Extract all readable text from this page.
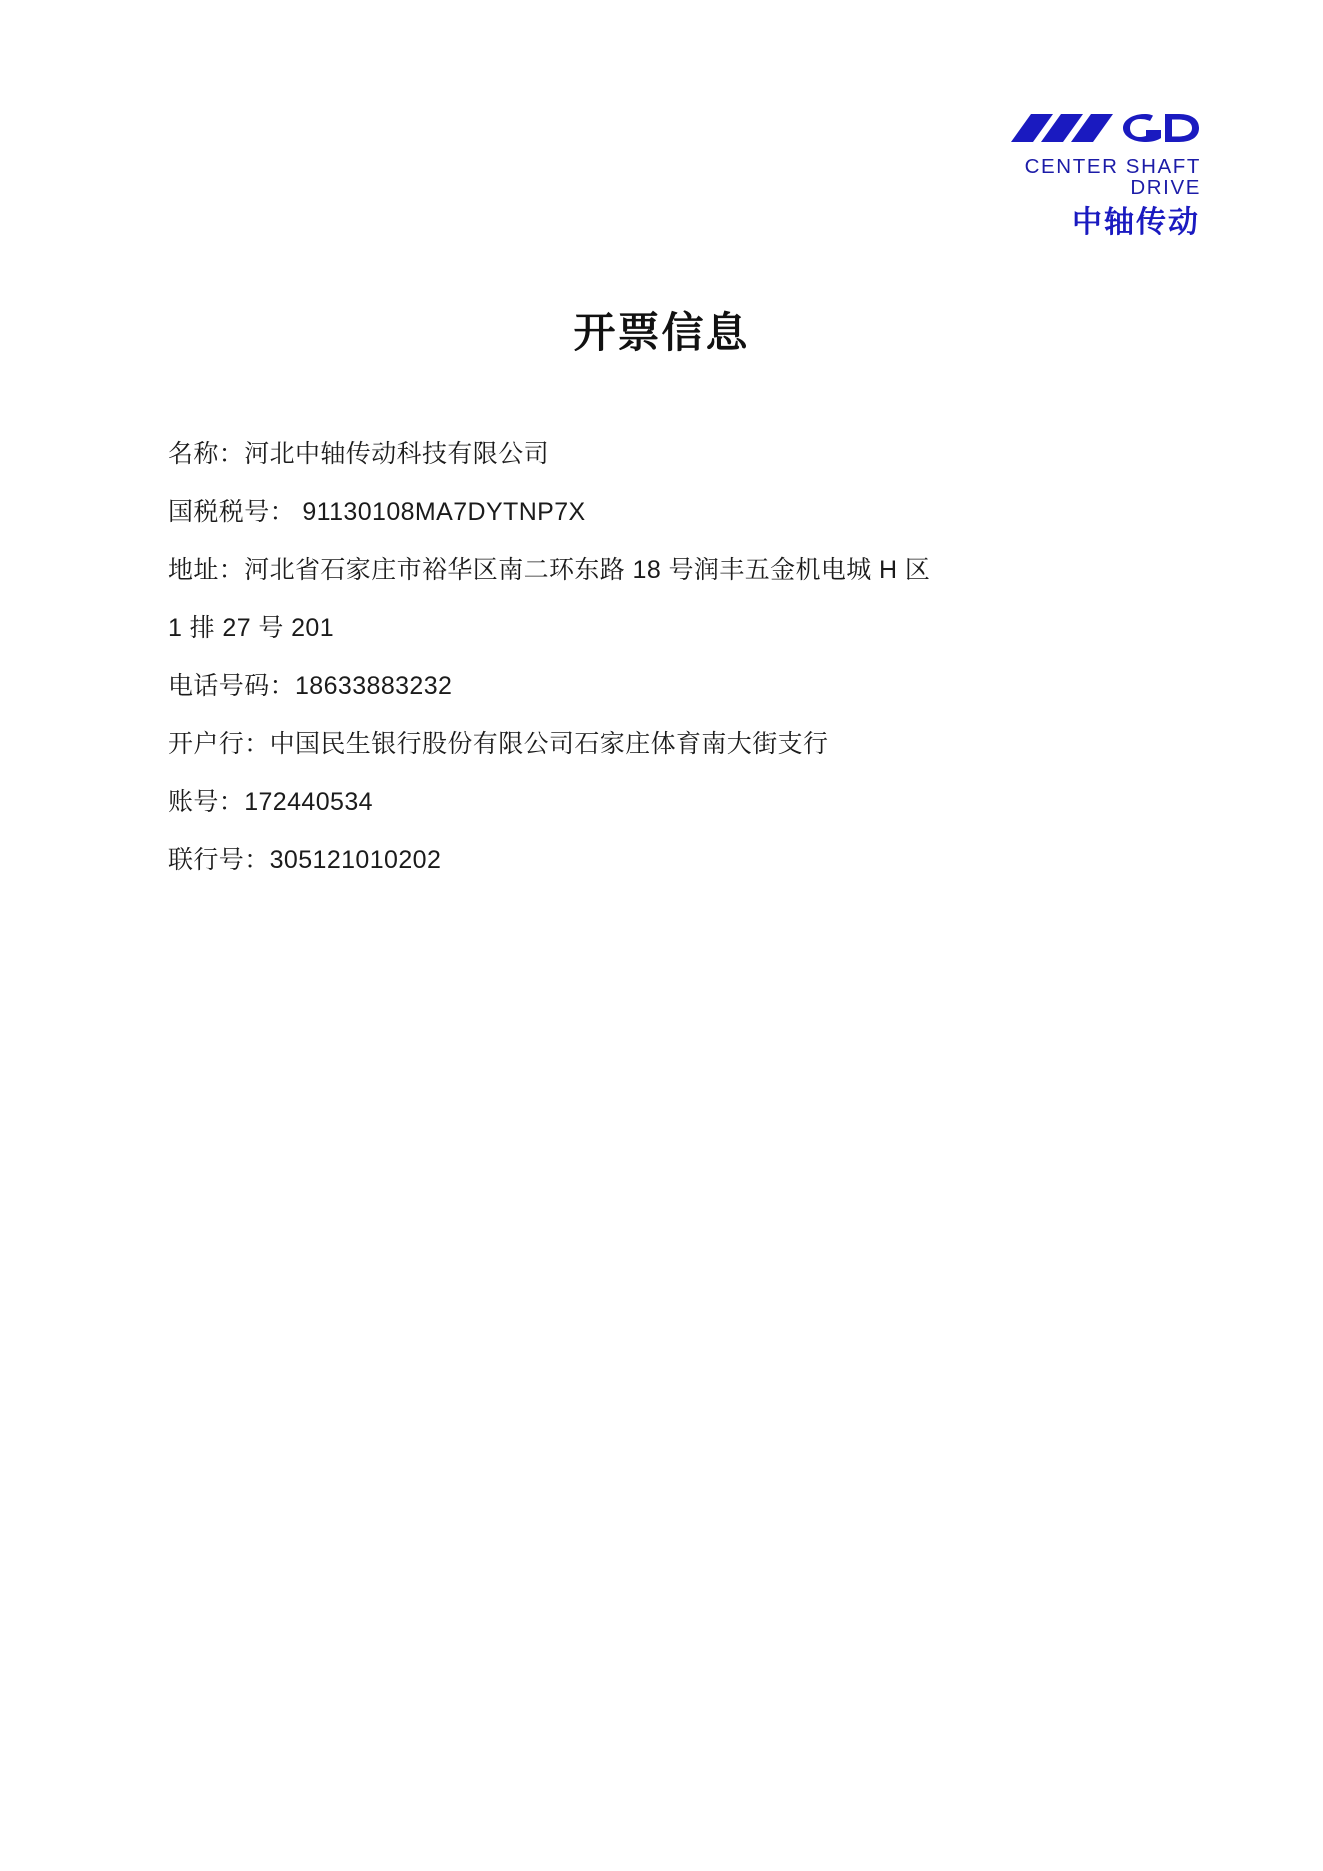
CENTER SHAFT DRIVE
中轴传动
开票信息
名称：河北中轴传动科技有限公司
国税税号： 91130108MA7DYTNP7X
地址：河北省石家庄市裕华区南二环东路 18 号润丰五金机电城 H 区
1 排 27 号 201
电话号码：18633883232
开户行：中国民生银行股份有限公司石家庄体育南大街支行
账号：172440534
联行号：305121010202
